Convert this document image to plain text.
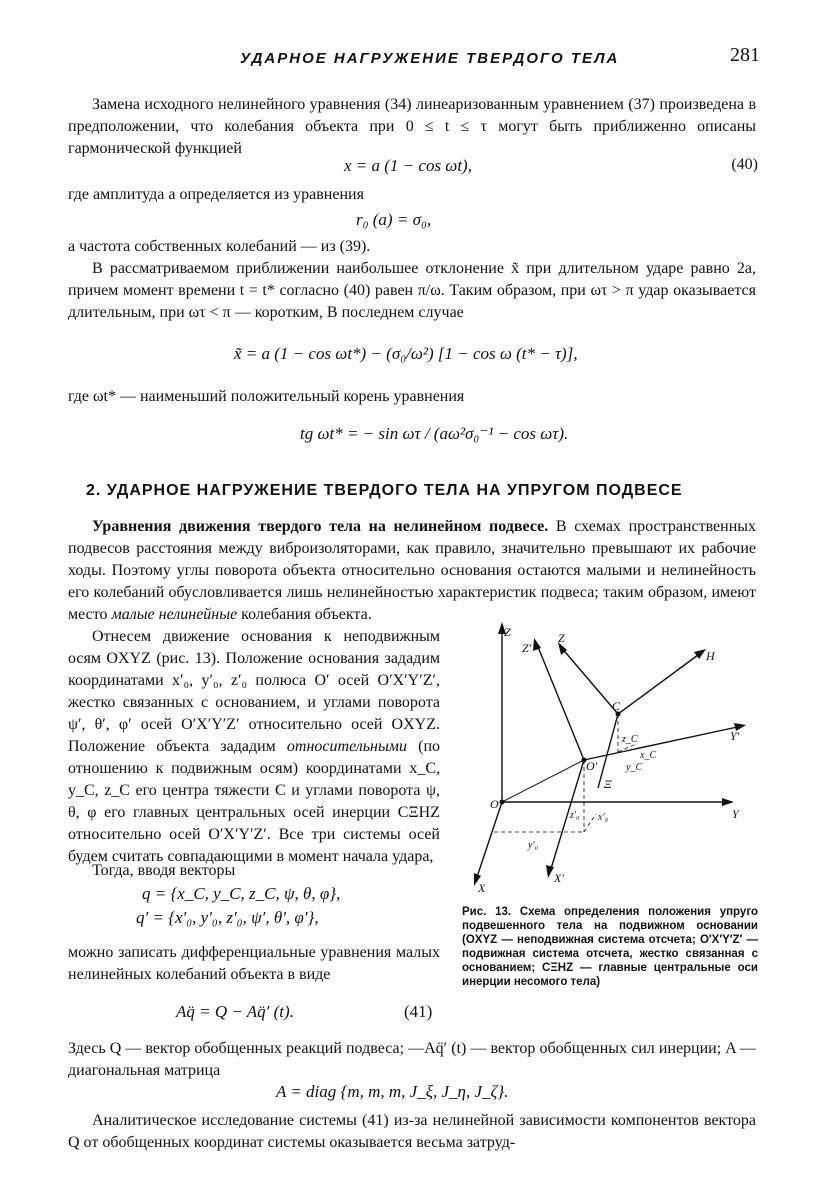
УДАРНОЕ НАГРУЖЕНИЕ ТВЕРДОГО ТЕЛА	281
Замена исходного нелинейного уравнения (34) линеаризованным уравнением (37) произведена в предположении, что колебания объекта при 0 ≤ t ≤ τ могут быть приближенно описаны гармонической функцией
x = a (1 − cos ωt),	(40)
где амплитуда a определяется из уравнения
r₀ (a) = σ₀,
а частота собственных колебаний — из (39).
В рассматриваемом приближении наибольшее отклонение x̃ при длительном ударе равно 2a, причем момент времени t = t* согласно (40) равен π/ω. Таким образом, при ωτ > π удар оказывается длительным, при ωτ < π — коротким, В последнем случае
x̃ = a (1 − cos ωt*) − (σ₀/ω²) [1 − cos ω (t* − τ)],
где ωt* — наименьший положительный корень уравнения
tg ωt* = − sin ωτ / (aω²σ₀⁻¹ − cos ωτ).
2. УДАРНОЕ НАГРУЖЕНИЕ ТВЕРДОГО ТЕЛА НА УПРУГОМ ПОДВЕСЕ
Уравнения движения твердого тела на нелинейном подвесе. В схемах пространственных подвесов расстояния между виброизоляторами, как правило, значительно превышают их рабочие ходы. Поэтому углы поворота объекта относительно основания остаются малыми и нелинейность его колебаний обусловливается лишь нелинейностью характеристик подвеса; таким образом, имеют место малые нелинейные колебания объекта.
Отнесем движение основания к неподвижным осям OXYZ (рис. 13). Положение основания зададим координатами x′₀, y′₀, z′₀ полюса O′ осей O′X′Y′Z′, жестко связанных с основанием, и углами поворота ψ′, θ′, φ′ осей O′X′Y′Z′ относительно осей OXYZ. Положение объекта зададим относительными (по отношению к подвижным осям) координатами x_C, y_C, z_C его центра тяжести C и углами поворота ψ, θ, φ его главных центральных осей инерции CΞHZ относительно осей O′X′Y′Z′. Все три системы осей будем считать совпадающими в момент начала удара,
Тогда, вводя векторы
q = {x_C, y_C, z_C, ψ, θ, φ},
q′ = {x′₀, y′₀, z′₀, ψ′, θ′, φ′},
можно записать дифференциальные уравнения малых нелинейных колебаний объекта в виде
Aq̈ = Q − Aq̈′ (t).	(41)
Z
Z′
Z
H
C
Y′
O′
z_C
x_C
y_C
Ξ
O
Y
z′₀ x′₀
y′₀
X
X′
Рис. 13. Схема определения положения упруго подвешенного тела на подвижном основании (OXYZ — неподвижная система отсчета; O′X′Y′Z′ — подвижная система отсчета, жестко связанная с основанием; CΞHZ — главные центральные оси инерции несомого тела)
Здесь Q — вектор обобщенных реакций подвеса; —Aq̈′ (t) — вектор обобщенных сил инерции; A — диагональная матрица
A = diag {m, m, m, J_ξ, J_η, J_ζ}.
Аналитическое исследование системы (41) из-за нелинейной зависимости компонентов вектора Q от обобщенных координат системы оказывается весьма затруд-
